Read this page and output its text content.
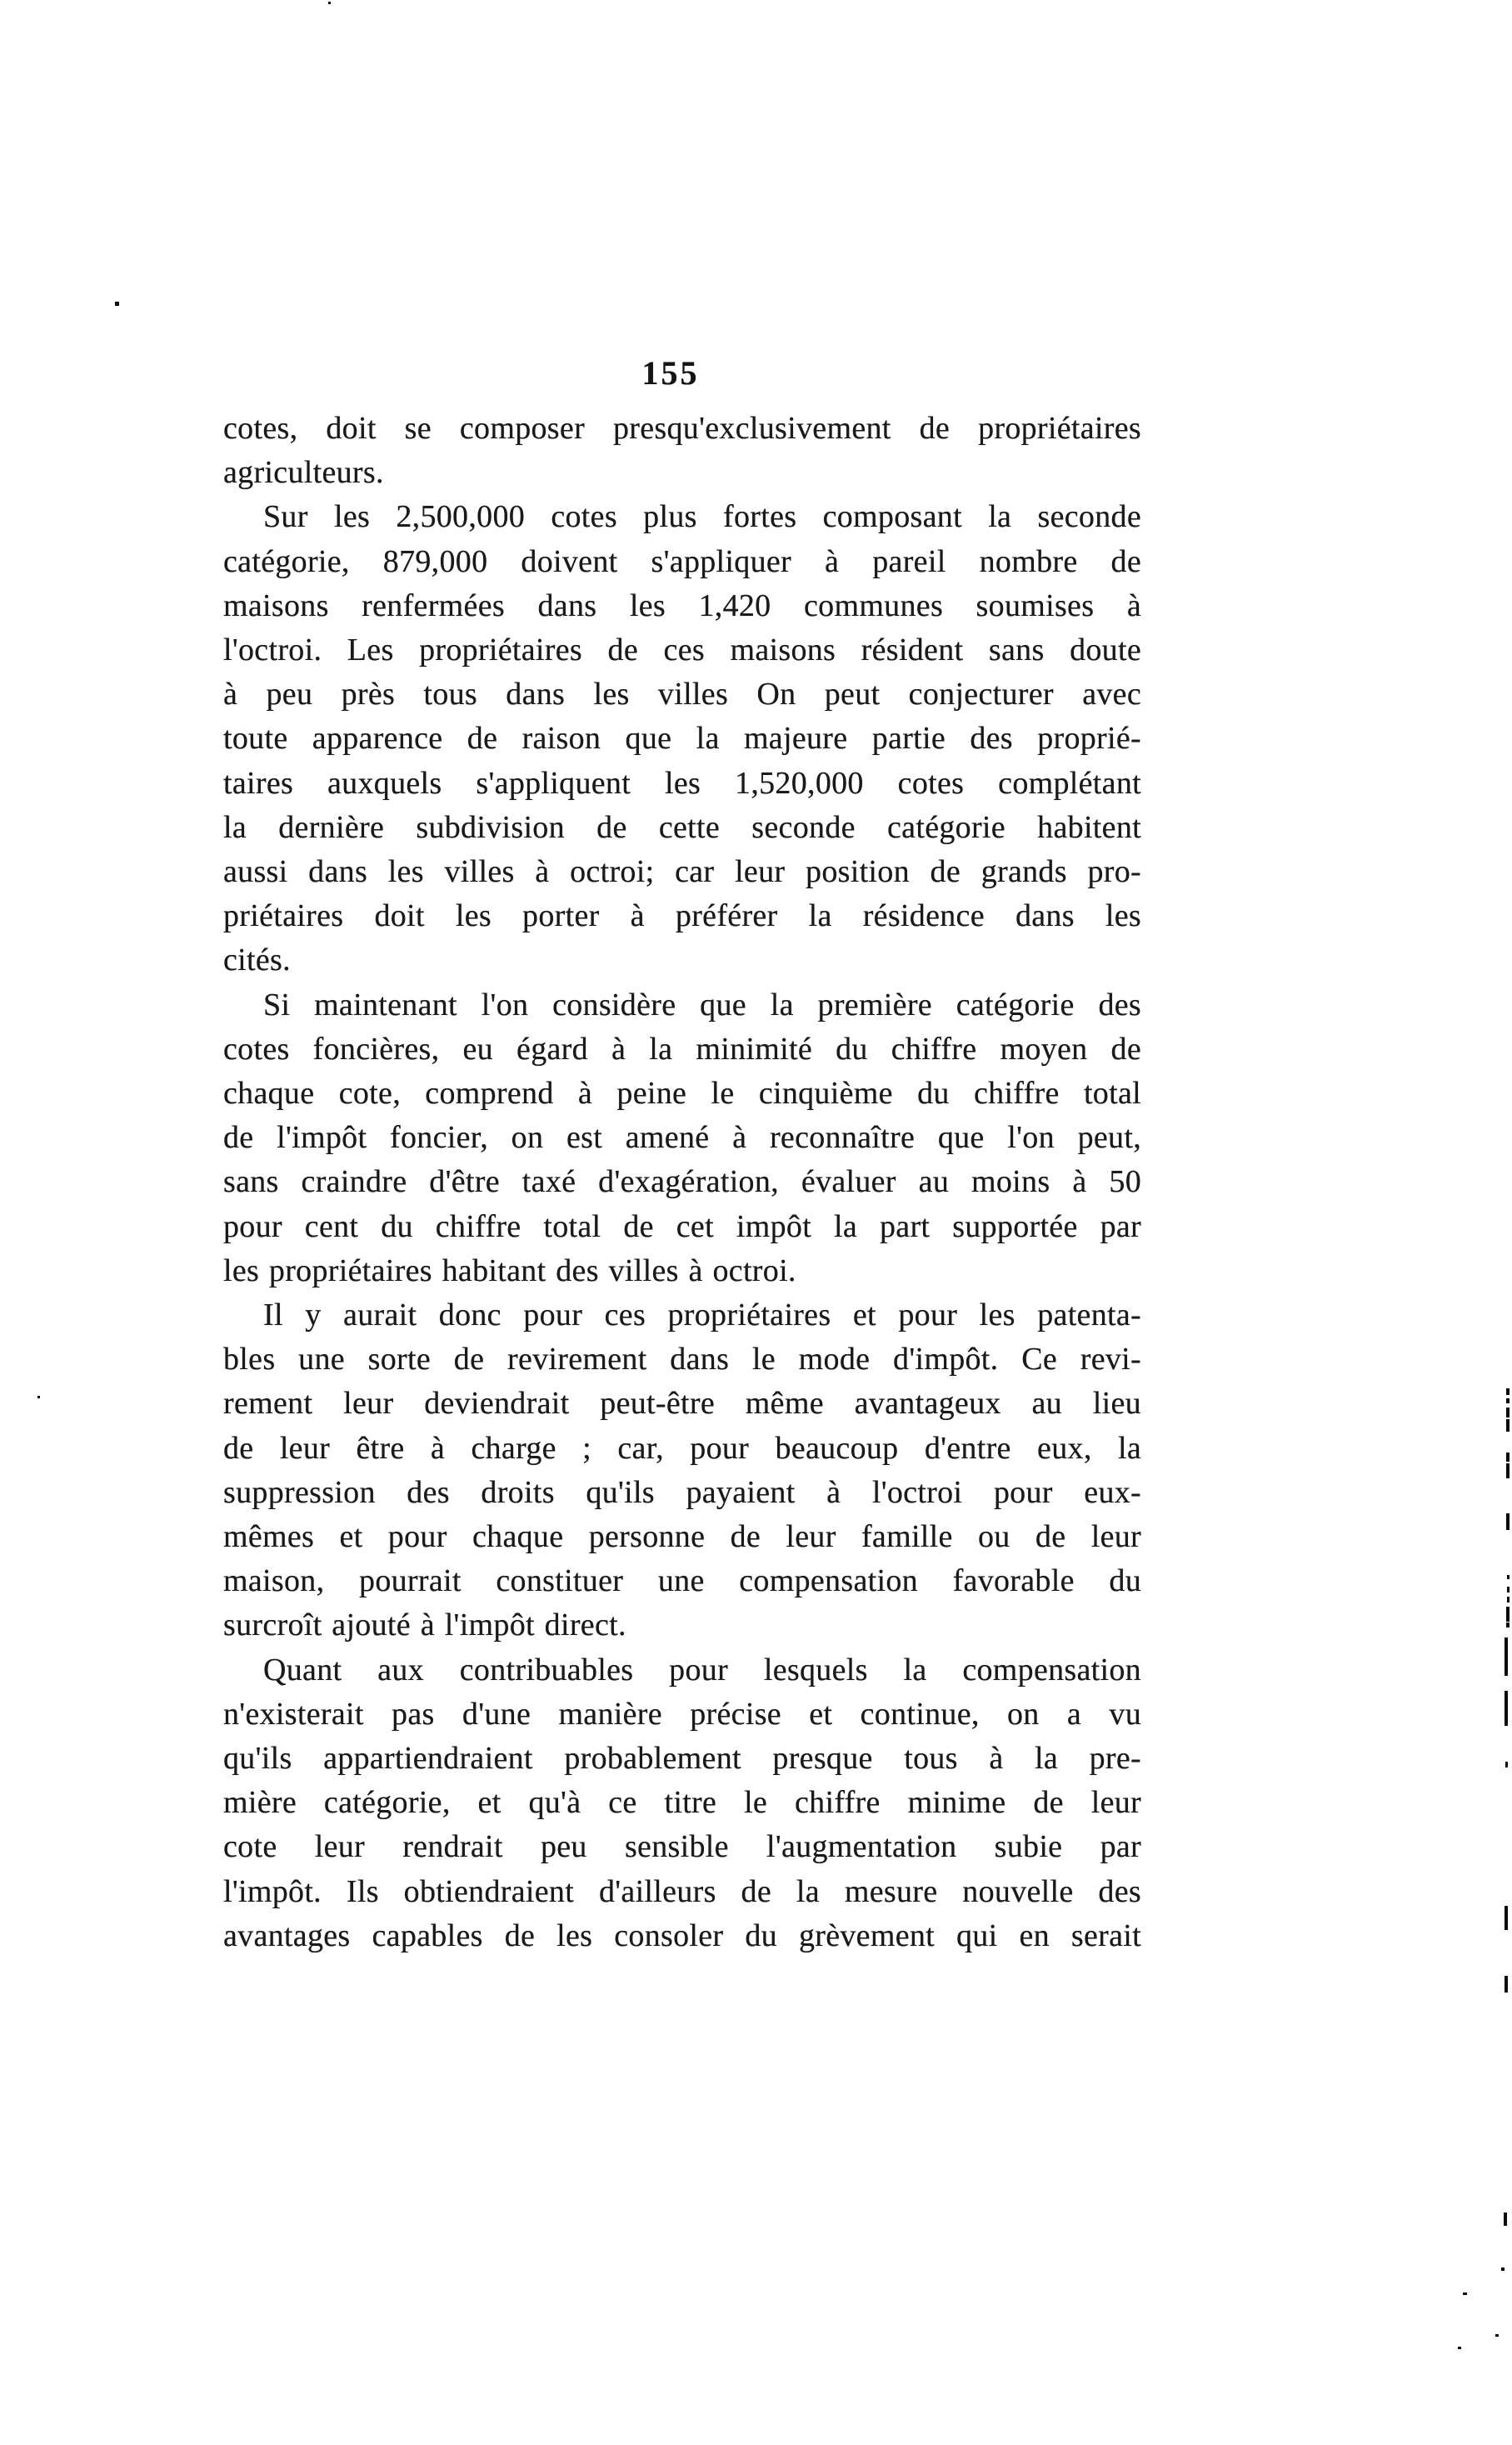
155
cotes, doit se composer presqu'exclusivement de propriétaires
agriculteurs.
Sur les 2,500,000 cotes plus fortes composant la seconde
catégorie, 879,000 doivent s'appliquer à pareil nombre de
maisons renfermées dans les 1,420 communes soumises à
l'octroi. Les propriétaires de ces maisons résident sans doute
à peu près tous dans les villes On peut conjecturer avec
toute apparence de raison que la majeure partie des proprié-
taires auxquels s'appliquent les 1,520,000 cotes complétant
la dernière subdivision de cette seconde catégorie habitent
aussi dans les villes à octroi; car leur position de grands pro-
priétaires doit les porter à préférer la résidence dans les
cités.
Si maintenant l'on considère que la première catégorie des
cotes foncières, eu égard à la minimité du chiffre moyen de
chaque cote, comprend à peine le cinquième du chiffre total
de l'impôt foncier, on est amené à reconnaître que l'on peut,
sans craindre d'être taxé d'exagération, évaluer au moins à 50
pour cent du chiffre total de cet impôt la part supportée par
les propriétaires habitant des villes à octroi.
Il y aurait donc pour ces propriétaires et pour les patenta-
bles une sorte de revirement dans le mode d'impôt. Ce revi-
rement leur deviendrait peut-être même avantageux au lieu
de leur être à charge ; car, pour beaucoup d'entre eux, la
suppression des droits qu'ils payaient à l'octroi pour eux-
mêmes et pour chaque personne de leur famille ou de leur
maison, pourrait constituer une compensation favorable du
surcroît ajouté à l'impôt direct.
Quant aux contribuables pour lesquels la compensation
n'existerait pas d'une manière précise et continue, on a vu
qu'ils appartiendraient probablement presque tous à la pre-
mière catégorie, et qu'à ce titre le chiffre minime de leur
cote leur rendrait peu sensible l'augmentation subie par
l'impôt. Ils obtiendraient d'ailleurs de la mesure nouvelle des
avantages capables de les consoler du grèvement qui en serait
